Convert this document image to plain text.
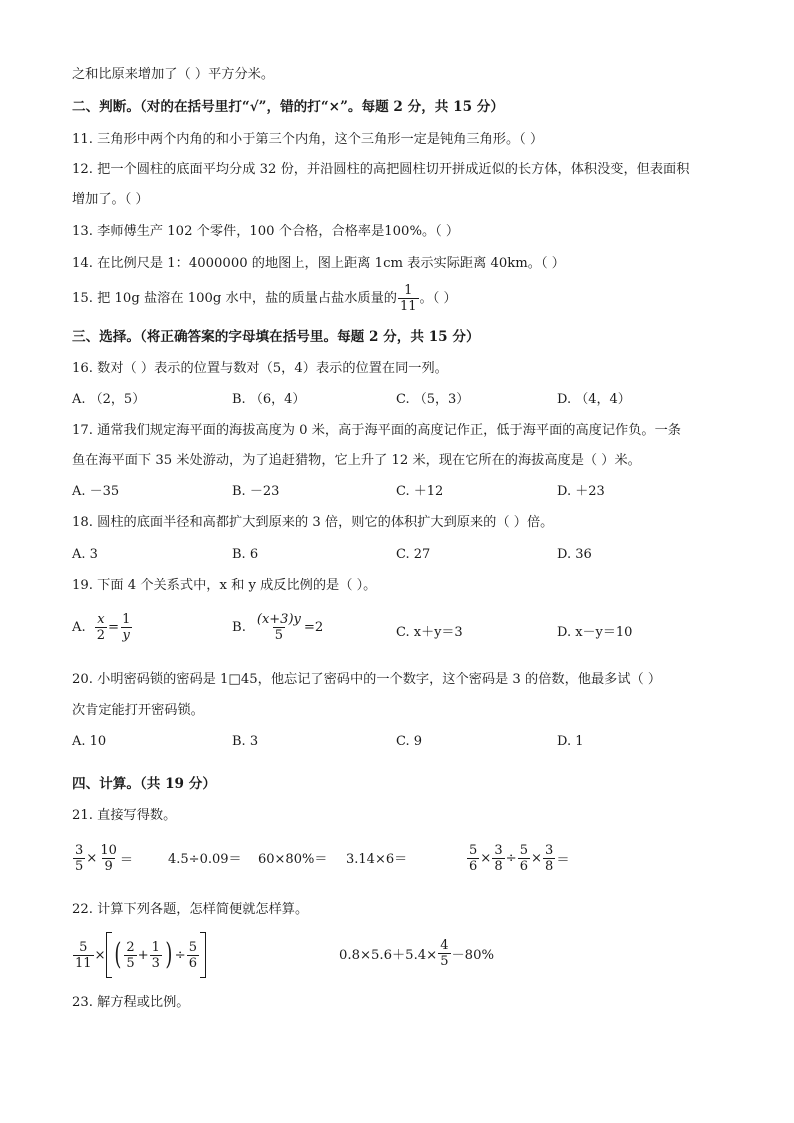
之和比原来增加了（ ）平方分米。
二、判断。（对的在括号里打“√”，错的打“×”。每题 2 分，共 15 分）
11. 三角形中两个内角的和小于第三个内角，这个三角形一定是钝角三角形。（ ）
12. 把一个圆柱的底面平均分成 32 份，并沿圆柱的高把圆柱切开拼成近似的长方体，体积没变，但表面积
增加了。（ ）
13. 李师傅生产 102 个零件，100 个合格，合格率是100%。（ ）
14. 在比例尺是 1：4000000 的地图上，图上距离 1cm 表示实际距离 40km。（ ）
15. 把 10g 盐溶在 100g 水中，盐的质量占盐水质量的 $\frac{1}{11}$ 。（ ）
三、选择。（将正确答案的字母填在括号里。每题 2 分，共 15 分）
16. 数对（ ）表示的位置与数对（5，4）表示的位置在同一列。
A. （2，5）	B. （6，4）	C. （5，3）	D. （4，4）
17. 通常我们规定海平面的海拔高度为 0 米，高于海平面的高度记作正，低于海平面的高度记作负。一条
鱼在海平面下 35 米处游动，为了追赶猎物，它上升了 12 米，现在它所在的海拔高度是（ ）米。
A. －35	B. －23	C. ＋12	D. ＋23
18. 圆柱的底面半径和高都扩大到原来的 3 倍，则它的体积扩大到原来的（ ）倍。
A. 3	B. 6	C. 27	D. 36
19. 下面 4 个关系式中，x 和 y 成反比例的是（ ）。
A. $\frac{x}{2} = \frac{1}{y}$	B. $\frac{(x+3)y}{5} =2$	C. x＋y＝3	D. x－y＝10
20. 小明密码锁的密码是 1□45，他忘记了密码中的一个数字，这个密码是 3 的倍数，他最多试（ ）
次肯定能打开密码锁。
A. 10	B. 3	C. 9	D. 1
四、计算。（共 19 分）
21. 直接写得数。
$\frac{3}{5} \times \frac{10}{9}$ ＝	4.5÷0.09＝ 60×80%＝ 3.14×6＝	$\frac{5}{6} \times \frac{3}{8} \div \frac{5}{6} \times \frac{3}{8}$ ＝
22. 计算下列各题，怎样简便就怎样算。
$\frac{5}{11}$ × ( $\frac{2}{5} + \frac{1}{3}$ ) ÷ $\frac{5}{6}$	$0.8\times 5.6+5.4\times \frac{4}{5} -80\%$
23. 解方程或比例。
